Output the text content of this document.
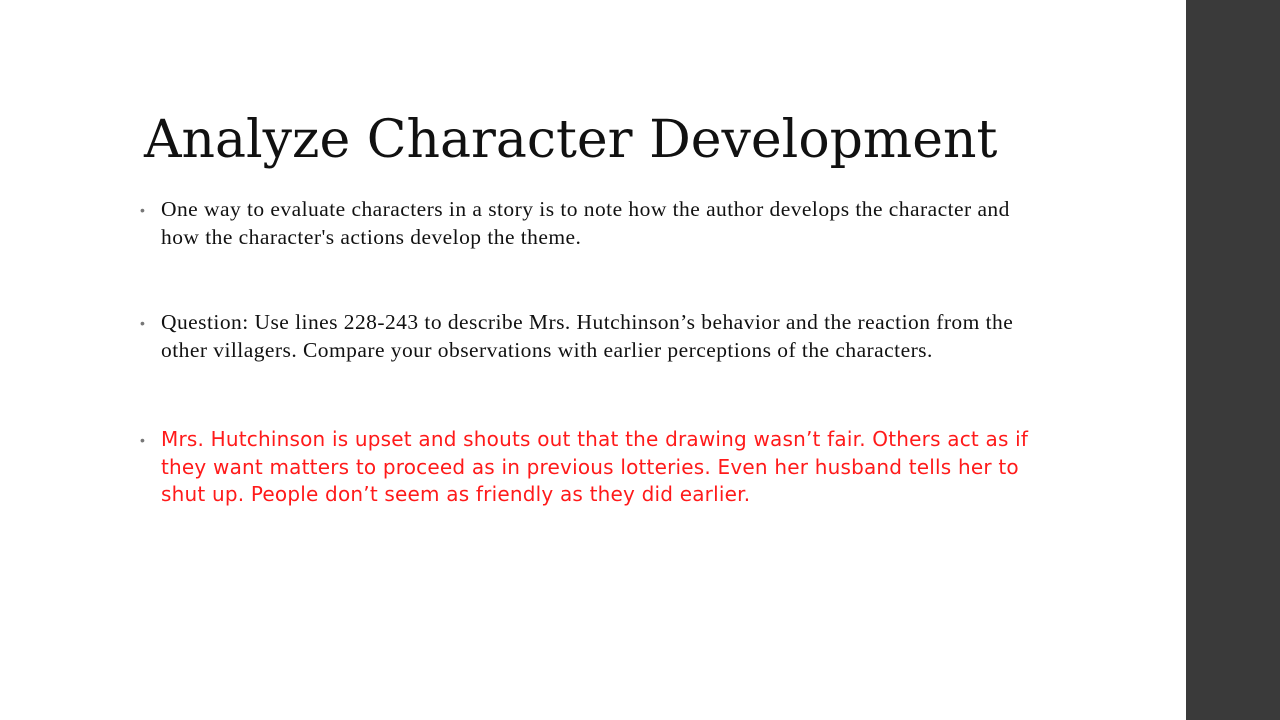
Analyze Character Development
• One way to evaluate characters in a story is to note how the author develops the character and how the character's actions develop the theme.
• Question: Use lines 228-243 to describe Mrs. Hutchinson’s behavior and the reaction from the other villagers. Compare your observations with earlier perceptions of the characters.
• Mrs. Hutchinson is upset and shouts out that the drawing wasn’t fair. Others act as if they want matters to proceed as in previous lotteries. Even her husband tells her to shut up. People don’t seem as friendly as they did earlier.
